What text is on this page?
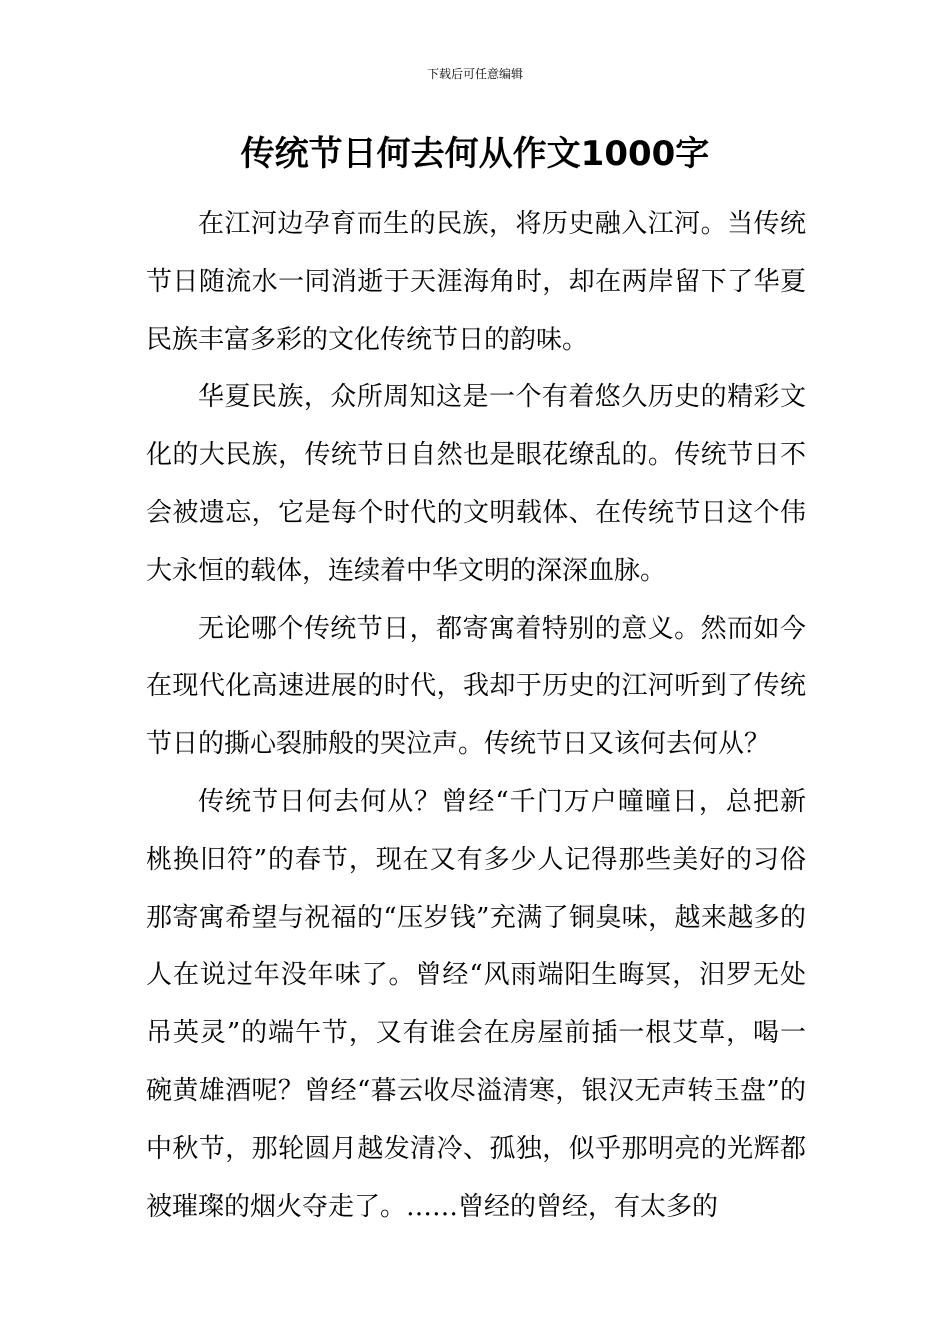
下载后可任意编辑
传统节日何去何从作文1000字

在江河边孕育而生的民族，将历史融入江河。当传统节日随流水一同消逝于天涯海角时，却在两岸留下了华夏民族丰富多彩的文化传统节日的韵味。

华夏民族，众所周知这是一个有着悠久历史的精彩文化的大民族，传统节日自然也是眼花缭乱的。传统节日不会被遗忘，它是每个时代的文明载体、在传统节日这个伟大永恒的载体，连续着中华文明的深深血脉。

无论哪个传统节日，都寄寓着特别的意义。然而如今在现代化高速进展的时代，我却于历史的江河听到了传统节日的撕心裂肺般的哭泣声。传统节日又该何去何从？

传统节日何去何从？曾经“千门万户曈曈日，总把新桃换旧符”的春节，现在又有多少人记得那些美好的习俗那寄寓希望与祝福的“压岁钱”充满了铜臭味，越来越多的人在说过年没年味了。曾经“风雨端阳生晦冥，汨罗无处吊英灵”的端午节，又有谁会在房屋前插一根艾草，喝一碗黄雄酒呢？曾经“暮云收尽溢清寒，银汉无声转玉盘”的中秋节，那轮圆月越发清冷、孤独，似乎那明亮的光辉都被璀璨的烟火夺走了。……曾经的曾经，有太多的
